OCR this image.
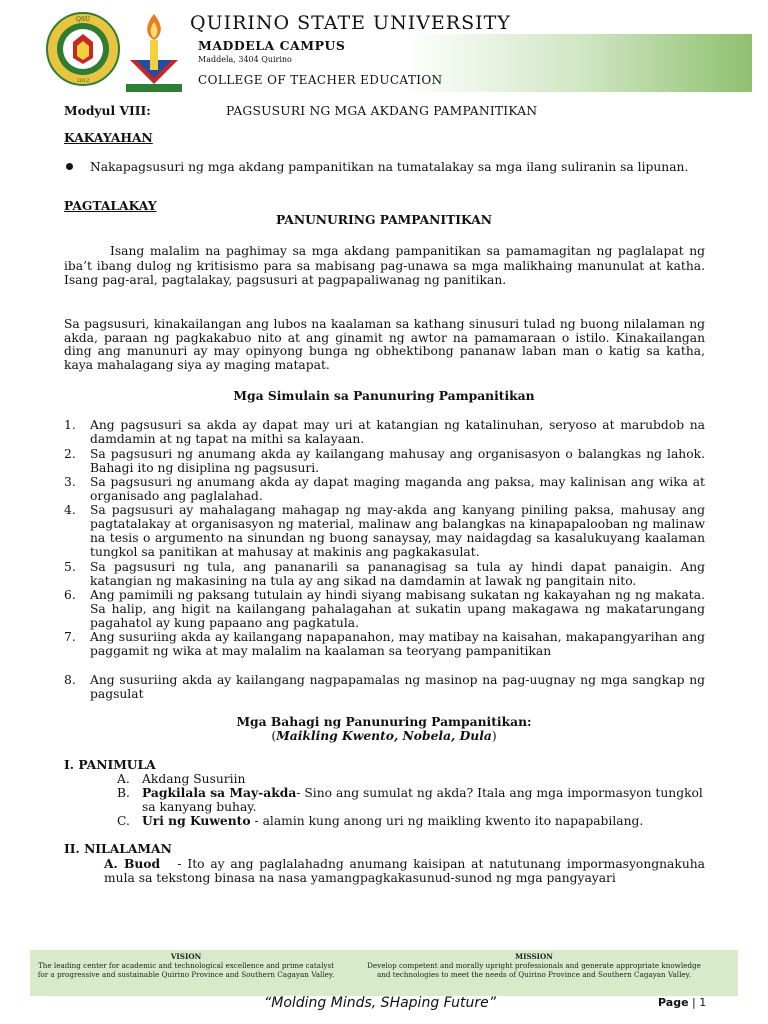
QSU
2012
QUIRINO STATE UNIVERSITY
MADDELA CAMPUS
Maddela, 3404 Quirino
COLLEGE OF TEACHER EDUCATION
Modyul VIII:	PAGSUSURI NG MGA AKDANG PAMPANITIKAN
KAKAYAHAN
Nakapagsusuri ng mga akdang pampanitikan na tumatalakay sa mga ilang suliranin sa lipunan.
PAGTALAKAY
PANUNURING PAMPANITIKAN
Isang malalim na paghimay sa mga akdang pampanitikan sa pamamagitan ng paglalapat ng iba’t ibang dulog ng kritisismo para sa mabisang pag-unawa sa mga malikhaing manunulat at katha. Isang pag-aral, pagtalakay, pagsusuri at pagpapaliwanag ng panitikan.
Sa pagsusuri, kinakailangan ang lubos na kaalaman sa kathang sinusuri tulad ng buong nilalaman ng akda, paraan ng pagkakabuo nito at ang ginamit ng awtor na pamamaraan o istilo. Kinakailangan ding ang manunuri ay may opinyong bunga ng obhektibong pananaw laban man o katig sa katha, kaya mahalagang siya ay maging matapat.
Mga Simulain sa Panunuring Pampanitikan
1. Ang pagsusuri sa akda ay dapat may uri at katangian ng katalinuhan, seryoso at marubdob na damdamin at ng tapat na mithi sa kalayaan.
2. Sa pagsusuri ng anumang akda ay kailangang mahusay ang organisasyon o balangkas ng lahok. Bahagi ito ng disiplina ng pagsusuri.
3. Sa pagsusuri ng anumang akda ay dapat maging maganda ang paksa, may kalinisan ang wika at organisado ang paglalahad.
4. Sa pagsusuri ay mahalagang mahagap ng may-akda ang kanyang piniling paksa, mahusay ang pagtatalakay at organisasyon ng material, malinaw ang balangkas na kinapapalooban ng malinaw na tesis o argumento na sinundan ng buong sanaysay, may naidagdag sa kasalukuyang kaalaman tungkol sa panitikan at mahusay at makinis ang pagkakasulat.
5. Sa pagsusuri ng tula, ang pananarili sa pananagisag sa tula ay hindi dapat panaigin. Ang katangian ng makasining na tula ay ang sikad na damdamin at lawak ng pangitain nito.
6. Ang pamimili ng paksang tutulain ay hindi siyang mabisang sukatan ng kakayahan ng ng makata. Sa halip, ang higit na kailangang pahalagahan at sukatin upang makagawa ng makatarungang pagahatol ay kung papaano ang pagkatula.
7. Ang susuriing akda ay kailangang napapanahon, may matibay na kaisahan, makapangyarihan ang paggamit ng wika at may malalim na kaalaman sa teoryang pampanitikan
8. Ang susuriing akda ay kailangang nagpapamalas ng masinop na pag-uugnay ng mga sangkap ng pagsulat
Mga Bahagi ng Panunuring Pampanitikan:
(Maikling Kwento, Nobela, Dula)
I. PANIMULA
A. Akdang Susuriin
B. Pagkilala sa May-akda- Sino ang sumulat ng akda? Itala ang mga impormasyon tungkol sa kanyang buhay.
C. Uri ng Kuwento - alamin kung anong uri ng maikling kwento ito napapabilang.
II. NILALAMAN
A. Buod - Ito ay ang paglalahadng anumang kaisipan at natutunang impormasyongnakuha mula sa tekstong binasa na nasa yamangpagkakasunud-sunod ng mga pangyayari
VISION
The leading center for academic and technological excellence and prime catalyst for a progressive and sustainable Quirino Province and Southern Cagayan Valley.
MISSION
Develop competent and morally upright professionals and generate appropriate knowledge and technologies to meet the needs of Quirino Province and Southern Cagayan Valley.
“Molding Minds, SHaping Future”	Page | 1
